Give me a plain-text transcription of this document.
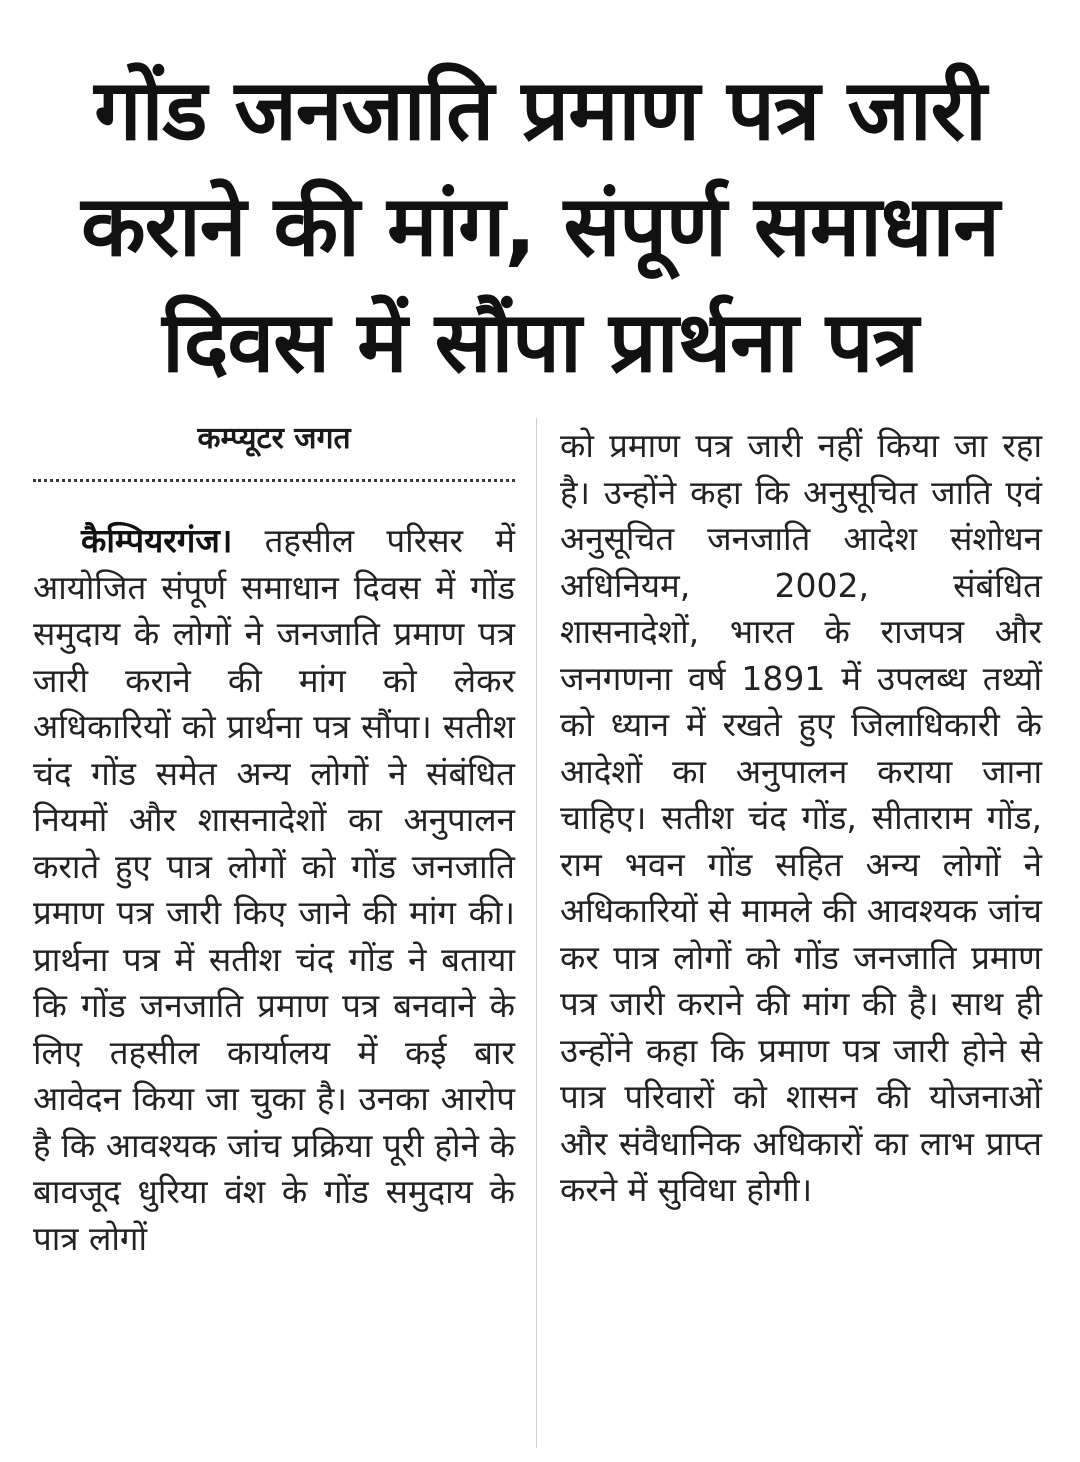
गोंड जनजाति प्रमाण पत्र जारी
कराने की मांग, संपूर्ण समाधान
दिवस में सौंपा प्रार्थना पत्र
कम्प्यूटर जगत

कैम्पियरगंज। तहसील परिसर में आयोजित संपूर्ण समाधान दिवस में गोंड समुदाय के लोगों ने जनजाति प्रमाण पत्र जारी कराने की मांग को लेकर अधिकारियों को प्रार्थना पत्र सौंपा। सतीश चंद गोंड समेत अन्य लोगों ने संबंधित नियमों और शासनादेशों का अनुपालन कराते हुए पात्र लोगों को गोंड जनजाति प्रमाण पत्र जारी किए जाने की मांग की। प्रार्थना पत्र में सतीश चंद गोंड ने बताया कि गोंड जनजाति प्रमाण पत्र बनवाने के लिए तहसील कार्यालय में कई बार आवेदन किया जा चुका है। उनका आरोप है कि आवश्यक जांच प्रक्रिया पूरी होने के बावजूद धुरिया वंश के गोंड समुदाय के पात्र लोगों

को प्रमाण पत्र जारी नहीं किया जा रहा है। उन्होंने कहा कि अनुसूचित जाति एवं अनुसूचित जनजाति आदेश संशोधन अधिनियम, 2002, संबंधित शासनादेशों, भारत के राजपत्र और जनगणना वर्ष 1891 में उपलब्ध तथ्यों को ध्यान में रखते हुए जिलाधिकारी के आदेशों का अनुपालन कराया जाना चाहिए। सतीश चंद गोंड, सीताराम गोंड, राम भवन गोंड सहित अन्य लोगों ने अधिकारियों से मामले की आवश्यक जांच कर पात्र लोगों को गोंड जनजाति प्रमाण पत्र जारी कराने की मांग की है। साथ ही उन्होंने कहा कि प्रमाण पत्र जारी होने से पात्र परिवारों को शासन की योजनाओं और संवैधानिक अधिकारों का लाभ प्राप्त करने में सुविधा होगी।
